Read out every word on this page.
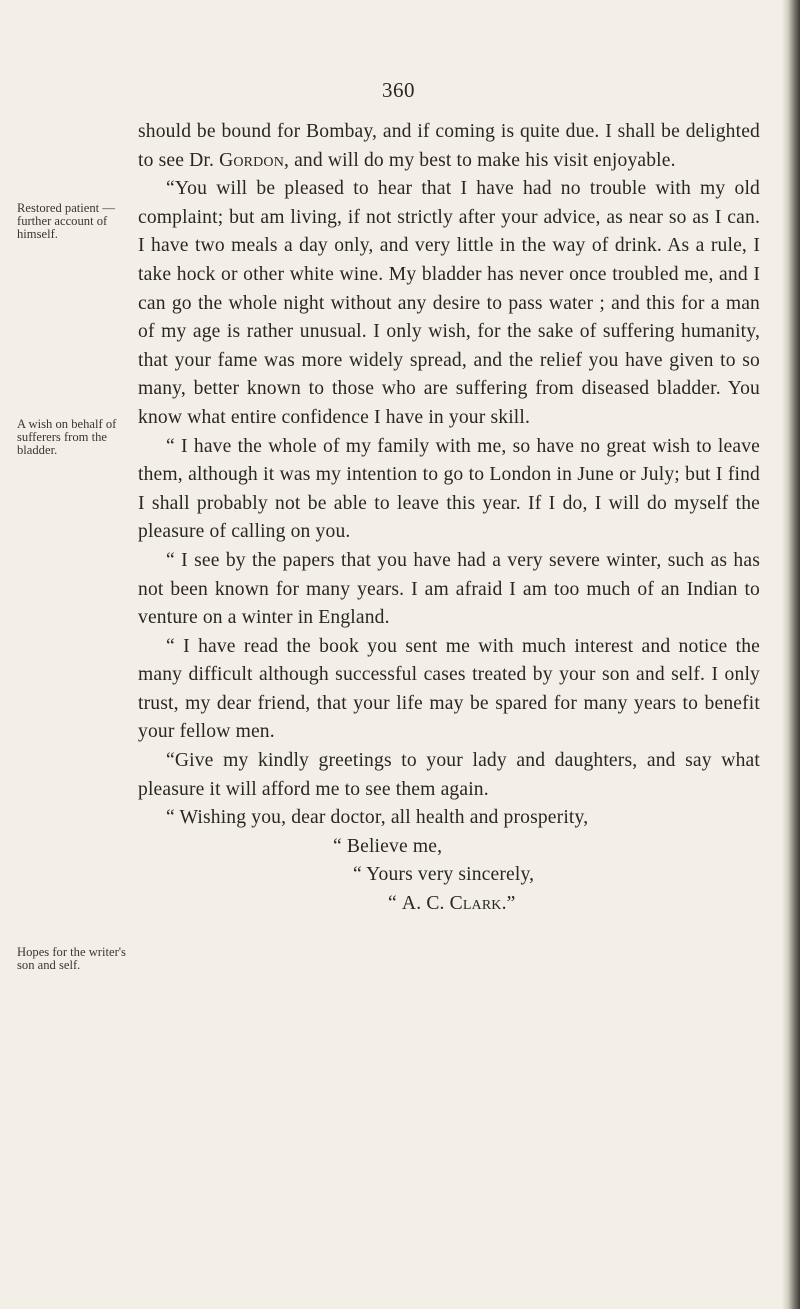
360
Restored patient — further account of himself.
A wish on behalf of sufferers from the bladder.
Hopes for the writer's son and self.

should be bound for Bombay, and if coming is quite due. I shall be delighted to see Dr. Gordon, and will do my best to make his visit enjoyable.

“You will be pleased to hear that I have had no trouble with my old complaint; but am living, if not strictly after your advice, as near so as I can. I have two meals a day only, and very little in the way of drink. As a rule, I take hock or other white wine. My bladder has never once troubled me, and I can go the whole night without any desire to pass water ; and this for a man of my age is rather unusual. I only wish, for the sake of suffering humanity, that your fame was more widely spread, and the relief you have given to so many, better known to those who are suffering from diseased bladder. You know what entire confidence I have in your skill.

“ I have the whole of my family with me, so have no great wish to leave them, although it was my intention to go to London in June or July; but I find I shall probably not be able to leave this year. If I do, I will do myself the pleasure of calling on you.

“ I see by the papers that you have had a very severe winter, such as has not been known for many years. I am afraid I am too much of an Indian to venture on a winter in England.

“ I have read the book you sent me with much interest and notice the many difficult although successful cases treated by your son and self. I only trust, my dear friend, that your life may be spared for many years to benefit your fellow men.

“Give my kindly greetings to your lady and daughters, and say what pleasure it will afford me to see them again.

“ Wishing you, dear doctor, all health and prosperity,

“ Believe me,
“ Yours very sincerely,
“ A. C. Clark.”
